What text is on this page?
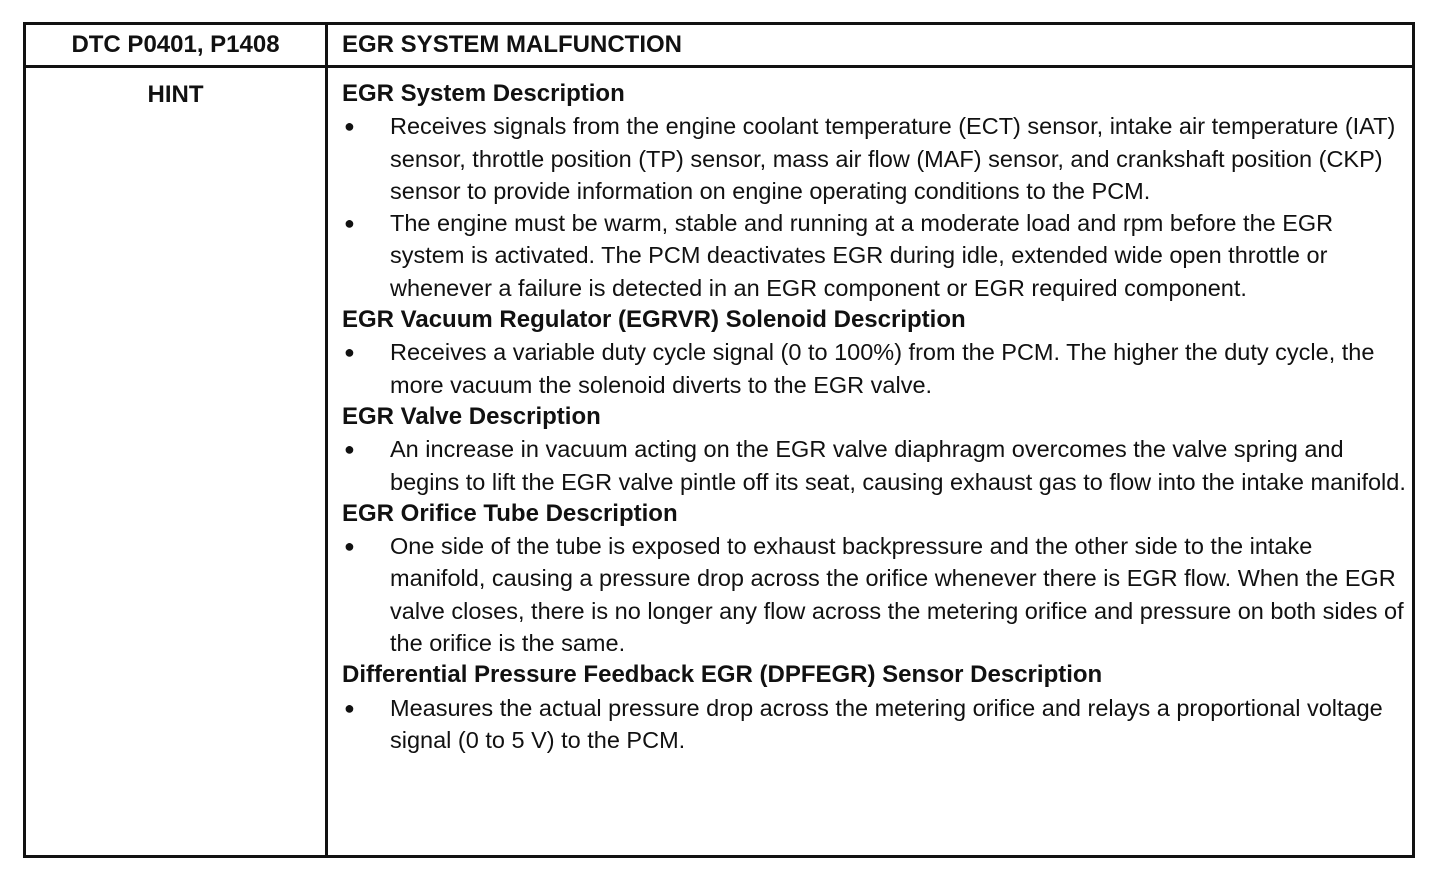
DTC P0401, P1408	EGR SYSTEM MALFUNCTION
HINT	EGR System Description
● Receives signals from the engine coolant temperature (ECT) sensor, intake air temperature (IAT) sensor, throttle position (TP) sensor, mass air flow (MAF) sensor, and crankshaft position (CKP) sensor to provide information on engine operating conditions to the PCM.
● The engine must be warm, stable and running at a moderate load and rpm before the EGR system is activated. The PCM deactivates EGR during idle, extended wide open throttle or whenever a failure is detected in an EGR component or EGR required component.
EGR Vacuum Regulator (EGRVR) Solenoid Description
● Receives a variable duty cycle signal (0 to 100%) from the PCM. The higher the duty cycle, the more vacuum the solenoid diverts to the EGR valve.
EGR Valve Description
● An increase in vacuum acting on the EGR valve diaphragm overcomes the valve spring and begins to lift the EGR valve pintle off its seat, causing exhaust gas to flow into the intake manifold.
EGR Orifice Tube Description
● One side of the tube is exposed to exhaust backpressure and the other side to the intake manifold, causing a pressure drop across the orifice whenever there is EGR flow. When the EGR valve closes, there is no longer any flow across the metering orifice and pressure on both sides of the orifice is the same.
Differential Pressure Feedback EGR (DPFEGR) Sensor Description
● Measures the actual pressure drop across the metering orifice and relays a proportional voltage signal (0 to 5 V) to the PCM.
